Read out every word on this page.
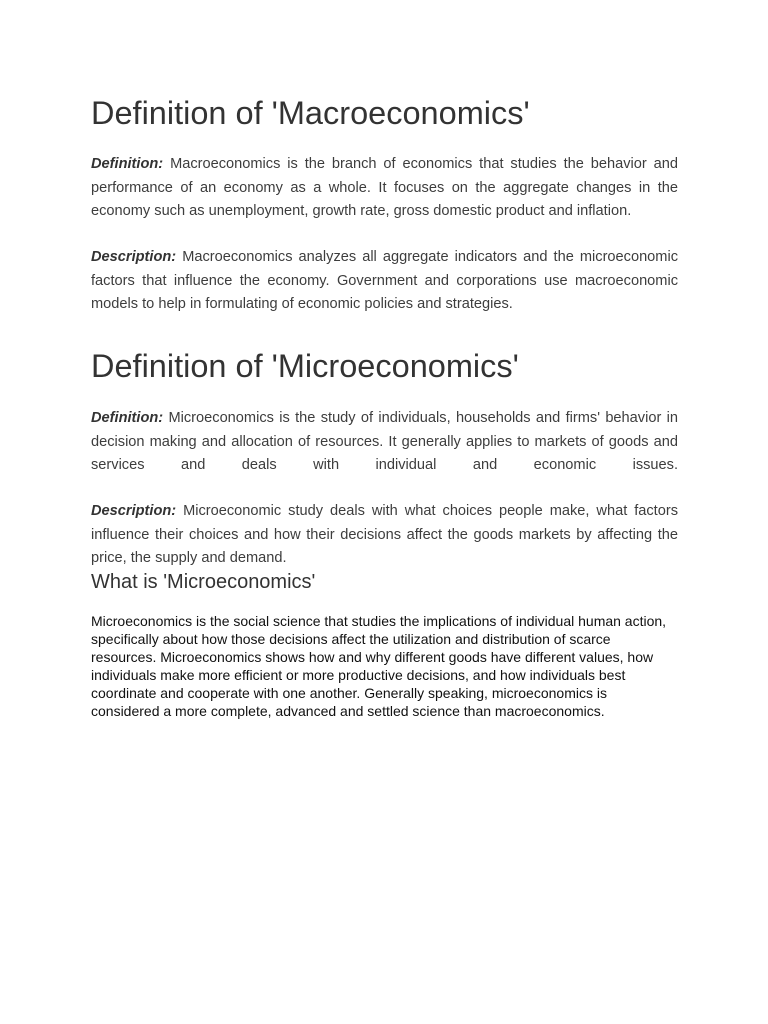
Definition of 'Macroeconomics'

Definition: Macroeconomics is the branch of economics that studies the behavior and performance of an economy as a whole. It focuses on the aggregate changes in the economy such as unemployment, growth rate, gross domestic product and inflation.

Description: Macroeconomics analyzes all aggregate indicators and the microeconomic factors that influence the economy. Government and corporations use macroeconomic models to help in formulating of economic policies and strategies.

Definition of 'Microeconomics'

Definition: Microeconomics is the study of individuals, households and firms' behavior in decision making and allocation of resources. It generally applies to markets of goods and services and deals with individual and economic issues.

Description: Microeconomic study deals with what choices people make, what factors influence their choices and how their decisions affect the goods markets by affecting the price, the supply and demand.

What is 'Microeconomics'

Microeconomics is the social science that studies the implications of individual human action, specifically about how those decisions affect the utilization and distribution of scarce resources. Microeconomics shows how and why different goods have different values, how individuals make more efficient or more productive decisions, and how individuals best coordinate and cooperate with one another. Generally speaking, microeconomics is considered a more complete, advanced and settled science than macroeconomics.
